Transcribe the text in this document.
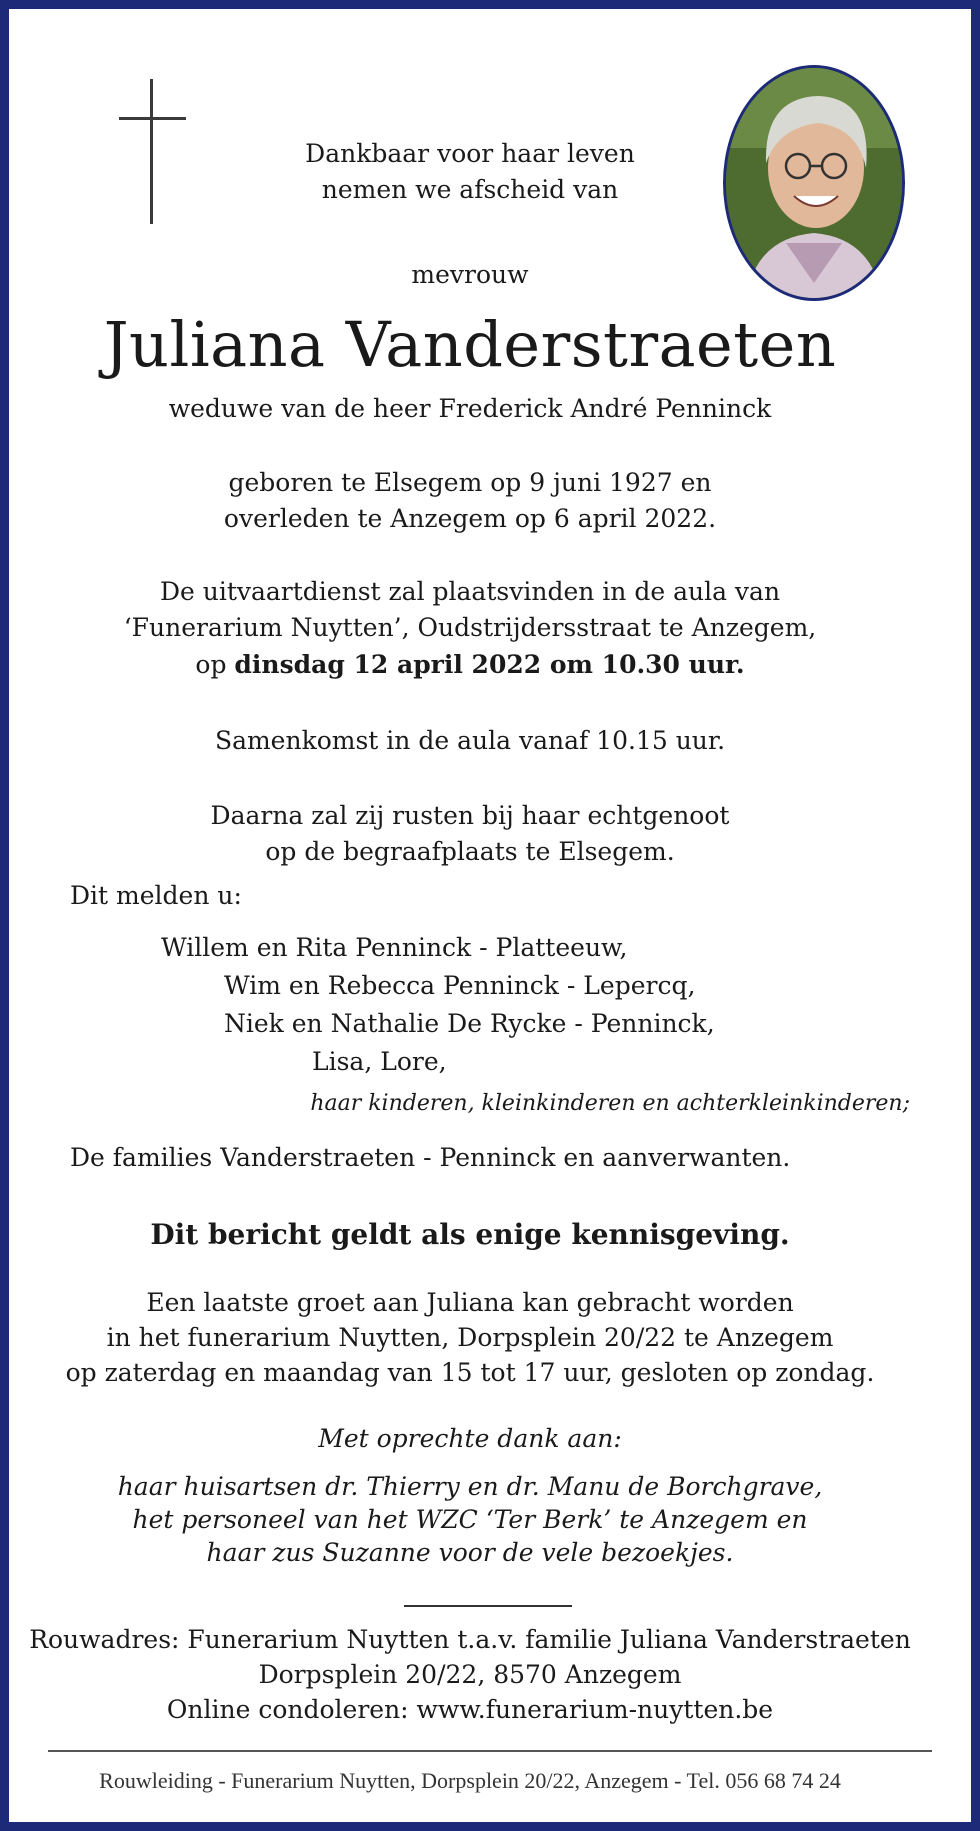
Dankbaar voor haar leven
nemen we afscheid van
mevrouw
Juliana Vanderstraeten
weduwe van de heer Frederick André Penninck
geboren te Elsegem op 9 juni 1927 en
overleden te Anzegem op 6 april 2022.
De uitvaartdienst zal plaatsvinden in de aula van
‘Funerarium Nuytten’, Oudstrijdersstraat te Anzegem,
op dinsdag 12 april 2022 om 10.30 uur.
Samenkomst in de aula vanaf 10.15 uur.
Daarna zal zij rusten bij haar echtgenoot
op de begraafplaats te Elsegem.
Dit melden u:
Willem en Rita Penninck - Platteeuw,
Wim en Rebecca Penninck - Lepercq,
Niek en Nathalie De Rycke - Penninck,
Lisa, Lore,
haar kinderen, kleinkinderen en achterkleinkinderen;
De families Vanderstraeten - Penninck en aanverwanten.
Dit bericht geldt als enige kennisgeving.
Een laatste groet aan Juliana kan gebracht worden
in het funerarium Nuytten, Dorpsplein 20/22 te Anzegem
op zaterdag en maandag van 15 tot 17 uur, gesloten op zondag.
Met oprechte dank aan:
haar huisartsen dr. Thierry en dr. Manu de Borchgrave,
het personeel van het WZC ‘Ter Berk’ te Anzegem en
haar zus Suzanne voor de vele bezoekjes.
Rouwadres: Funerarium Nuytten t.a.v. familie Juliana Vanderstraeten
Dorpsplein 20/22, 8570 Anzegem
Online condoleren: www.funerarium-nuytten.be
Rouwleiding - Funerarium Nuytten, Dorpsplein 20/22, Anzegem - Tel. 056 68 74 24
